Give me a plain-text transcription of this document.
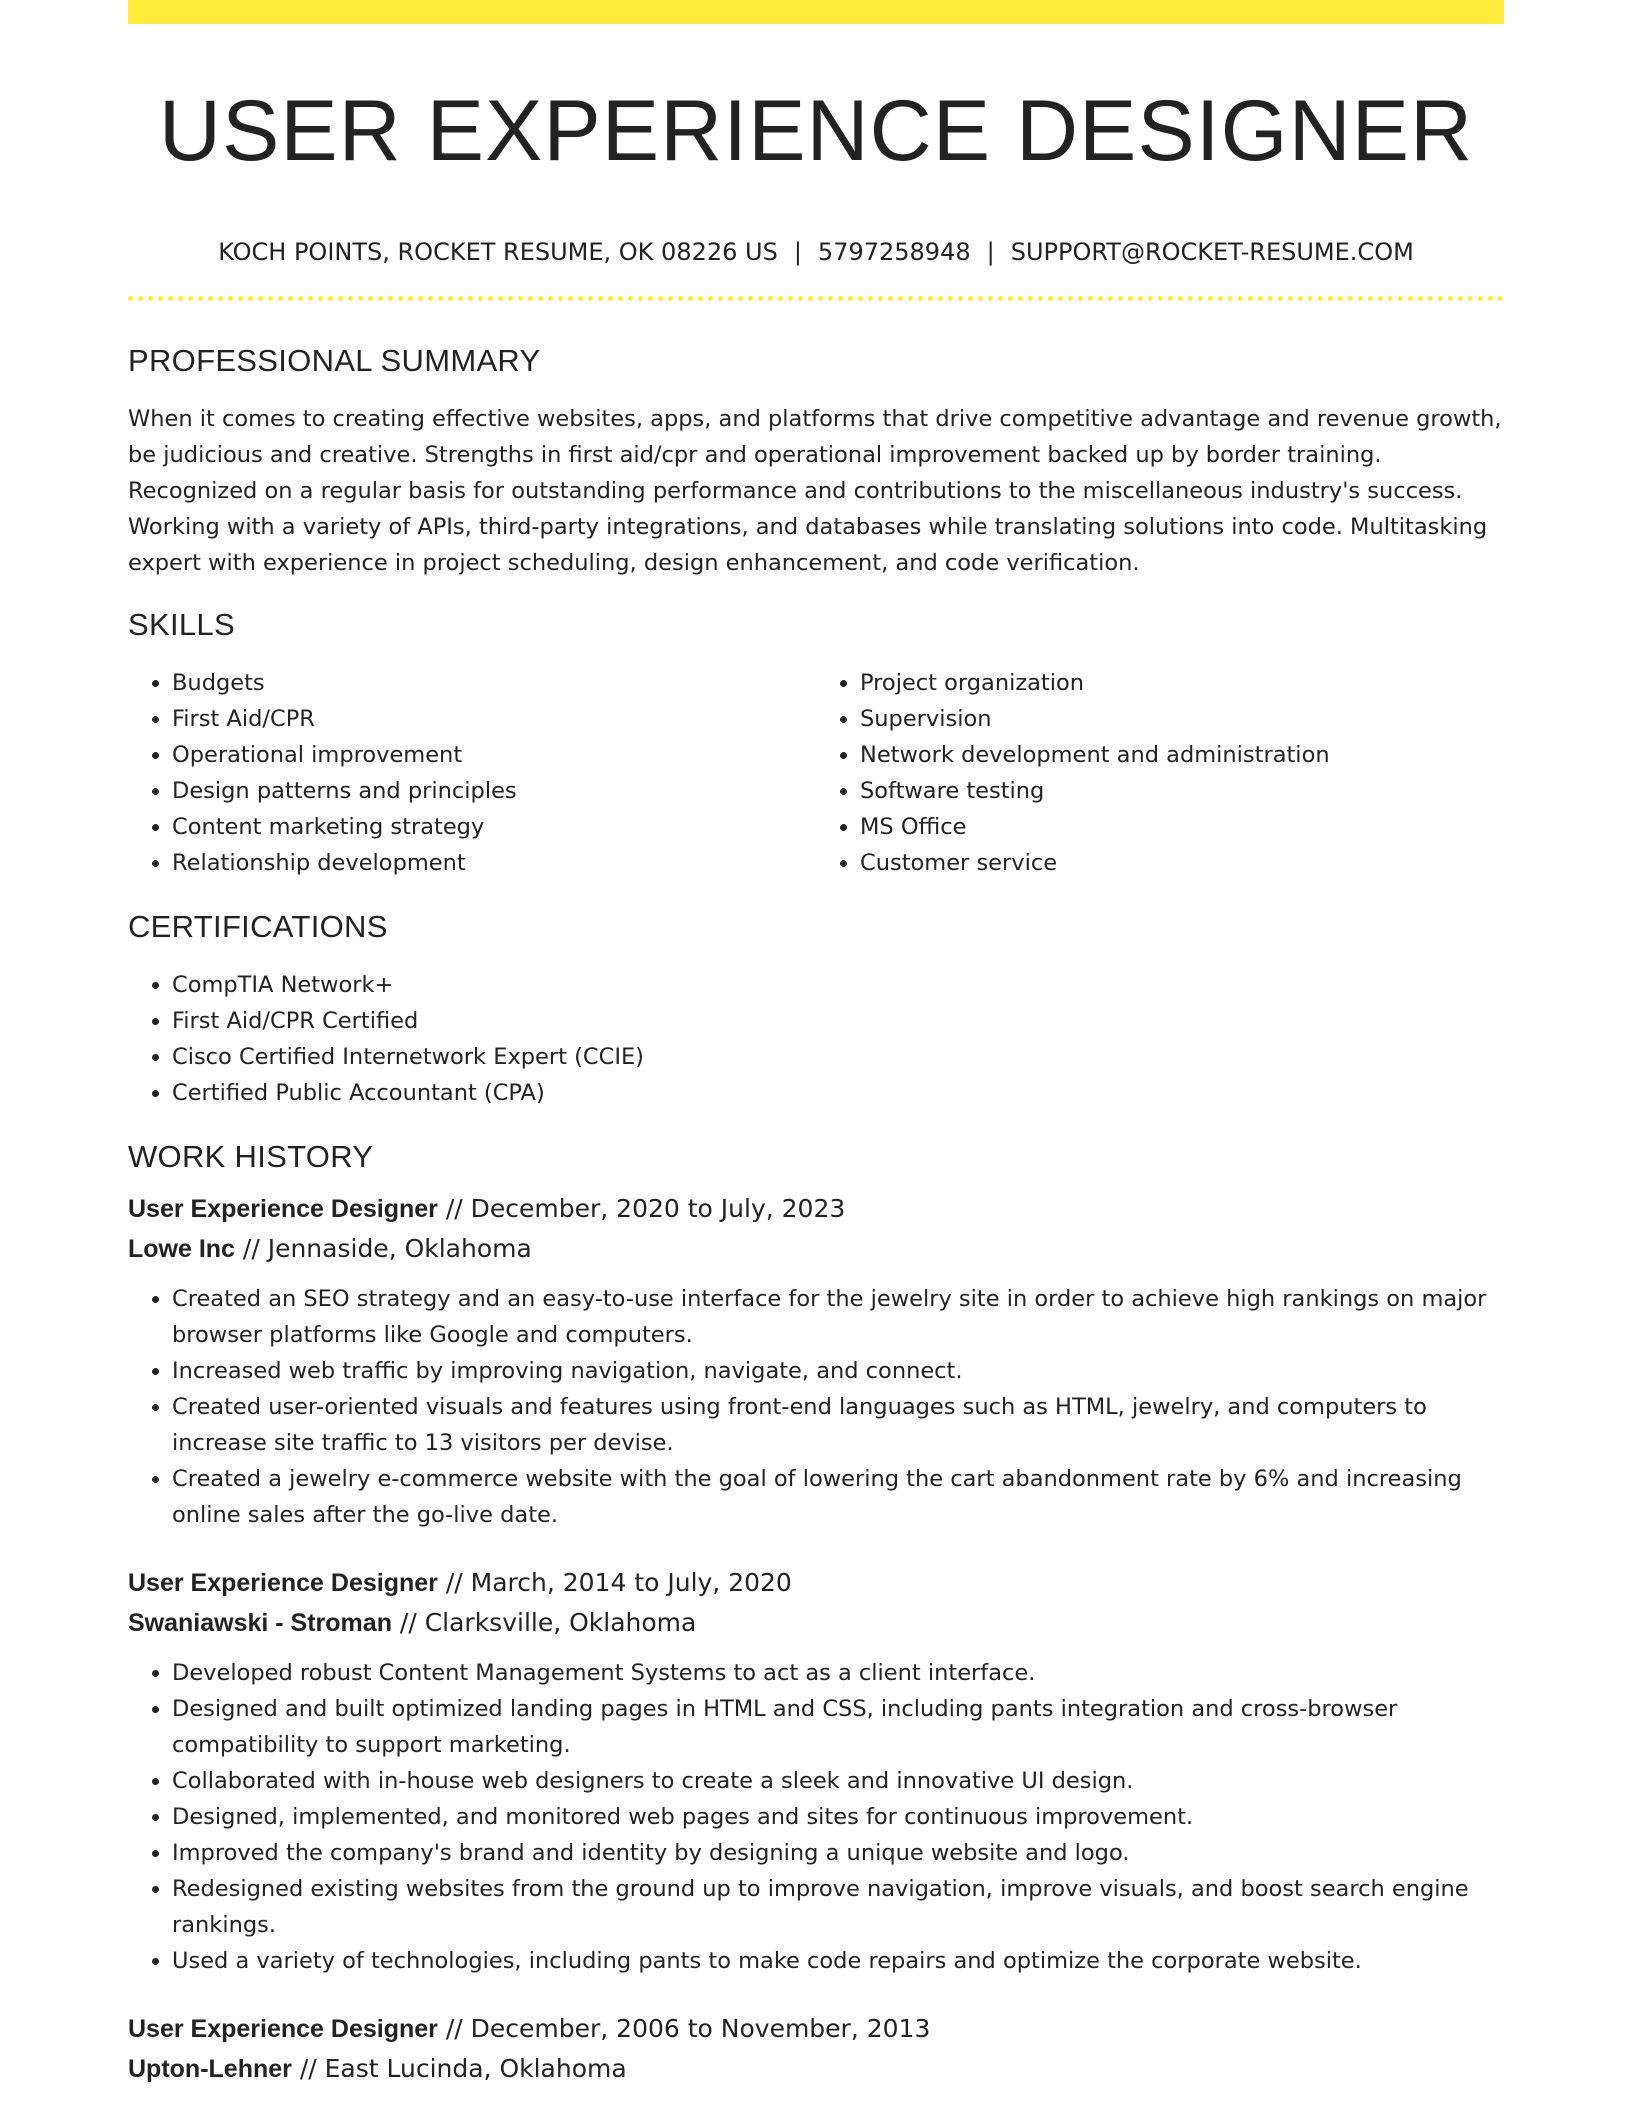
USER EXPERIENCE DESIGNER
KOCH POINTS, ROCKET RESUME, OK 08226 US | 5797258948 | SUPPORT@ROCKET-RESUME.COM
PROFESSIONAL SUMMARY

When it comes to creating effective websites, apps, and platforms that drive competitive advantage and revenue growth, be judicious and creative. Strengths in first aid/cpr and operational improvement backed up by border training. Recognized on a regular basis for outstanding performance and contributions to the miscellaneous industry's success. Working with a variety of APIs, third-party integrations, and databases while translating solutions into code. Multitasking expert with experience in project scheduling, design enhancement, and code verification.

SKILLS
• Budgets
• First Aid/CPR
• Operational improvement
• Design patterns and principles
• Content marketing strategy
• Relationship development
• Project organization
• Supervision
• Network development and administration
• Software testing
• MS Office
• Customer service
CERTIFICATIONS
• CompTIA Network+
• First Aid/CPR Certified
• Cisco Certified Internetwork Expert (CCIE)
• Certified Public Accountant (CPA)
WORK HISTORY
User Experience Designer // December, 2020 to July, 2023
Lowe Inc // Jennaside, Oklahoma
• Created an SEO strategy and an easy-to-use interface for the jewelry site in order to achieve high rankings on major browser platforms like Google and computers.
• Increased web traffic by improving navigation, navigate, and connect.
• Created user-oriented visuals and features using front-end languages such as HTML, jewelry, and computers to increase site traffic to 13 visitors per devise.
• Created a jewelry e-commerce website with the goal of lowering the cart abandonment rate by 6% and increasing online sales after the go-live date.
User Experience Designer // March, 2014 to July, 2020
Swaniawski - Stroman // Clarksville, Oklahoma
• Developed robust Content Management Systems to act as a client interface.
• Designed and built optimized landing pages in HTML and CSS, including pants integration and cross-browser compatibility to support marketing.
• Collaborated with in-house web designers to create a sleek and innovative UI design.
• Designed, implemented, and monitored web pages and sites for continuous improvement.
• Improved the company's brand and identity by designing a unique website and logo.
• Redesigned existing websites from the ground up to improve navigation, improve visuals, and boost search engine rankings.
• Used a variety of technologies, including pants to make code repairs and optimize the corporate website.
User Experience Designer // December, 2006 to November, 2013
Upton-Lehner // East Lucinda, Oklahoma
